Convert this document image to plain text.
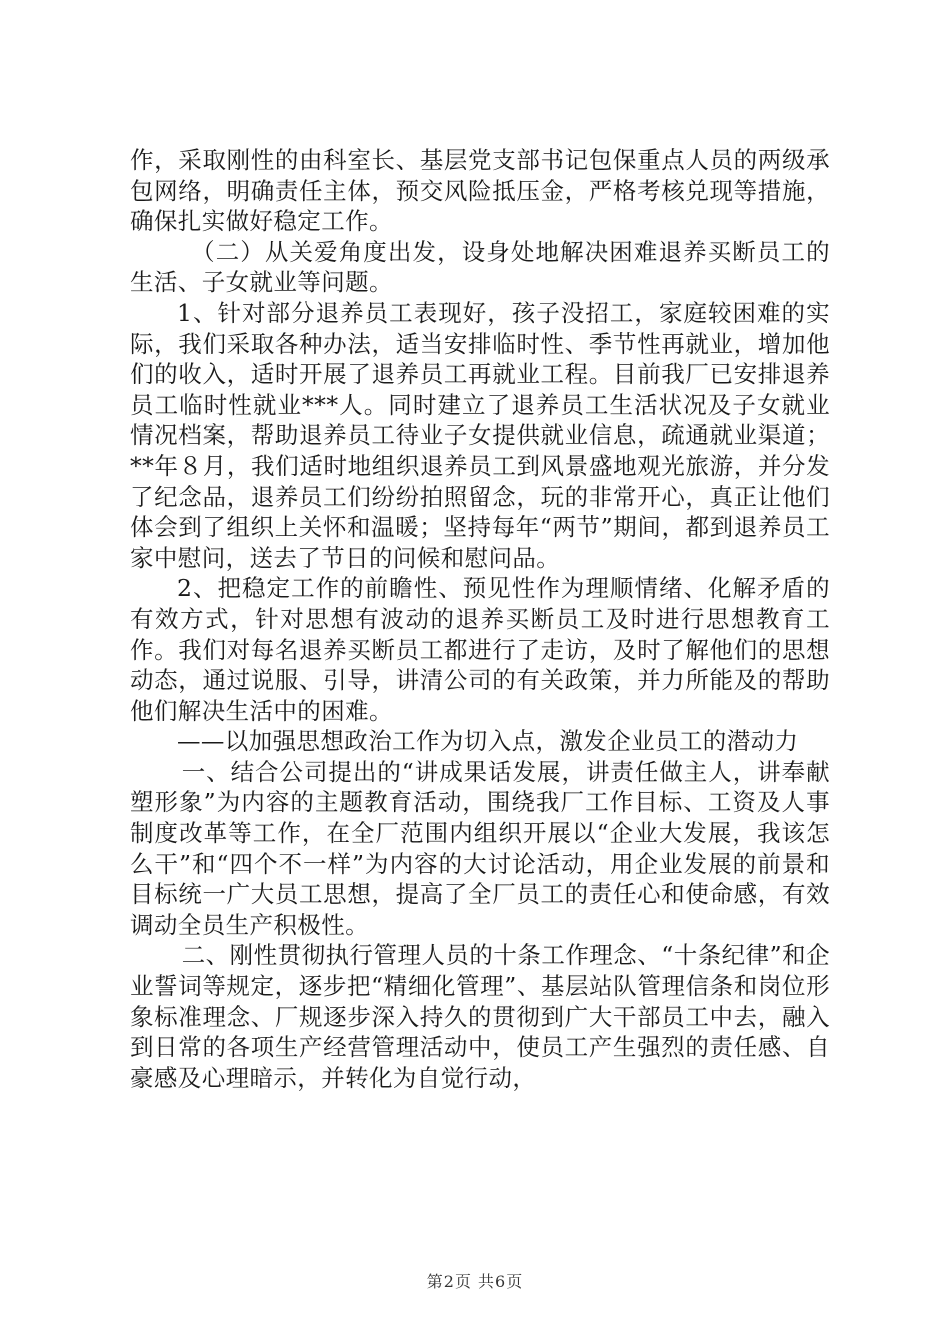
作，采取刚性的由科室长、基层党支部书记包保重点人员的两级承包网络，明确责任主体，预交风险抵压金，严格考核兑现等措施，确保扎实做好稳定工作。

（二）从关爱角度出发，设身处地解决困难退养买断员工的生活、子女就业等问题。

1、针对部分退养员工表现好，孩子没招工，家庭较困难的实际，我们采取各种办法，适当安排临时性、季节性再就业，增加他们的收入，适时开展了退养员工再就业工程。目前我厂已安排退养员工临时性就业***人。同时建立了退养员工生活状况及子女就业情况档案，帮助退养员工待业子女提供就业信息，疏通就业渠道；**年８月，我们适时地组织退养员工到风景盛地观光旅游，并分发了纪念品，退养员工们纷纷拍照留念，玩的非常开心，真正让他们体会到了组织上关怀和温暖；坚持每年“两节”期间，都到退养员工家中慰问，送去了节日的问候和慰问品。

2、把稳定工作的前瞻性、预见性作为理顺情绪、化解矛盾的有效方式，针对思想有波动的退养买断员工及时进行思想教育工作。我们对每名退养买断员工都进行了走访，及时了解他们的思想动态，通过说服、引导，讲清公司的有关政策，并力所能及的帮助他们解决生活中的困难。

——以加强思想政治工作为切入点，激发企业员工的潜动力

一、结合公司提出的“讲成果话发展，讲责任做主人，讲奉献塑形象”为内容的主题教育活动，围绕我厂工作目标、工资及人事制度改革等工作，在全厂范围内组织开展以“企业大发展，我该怎么干”和“四个不一样”为内容的大讨论活动，用企业发展的前景和目标统一广大员工思想，提高了全厂员工的责任心和使命感，有效调动全员生产积极性。

二、刚性贯彻执行管理人员的十条工作理念、“十条纪律”和企业誓词等规定，逐步把“精细化管理”、基层站队管理信条和岗位形象标准理念、厂规逐步深入持久的贯彻到广大干部员工中去，融入到日常的各项生产经营管理活动中，使员工产生强烈的责任感、自豪感及心理暗示，并转化为自觉行动，

第2页 共6页
